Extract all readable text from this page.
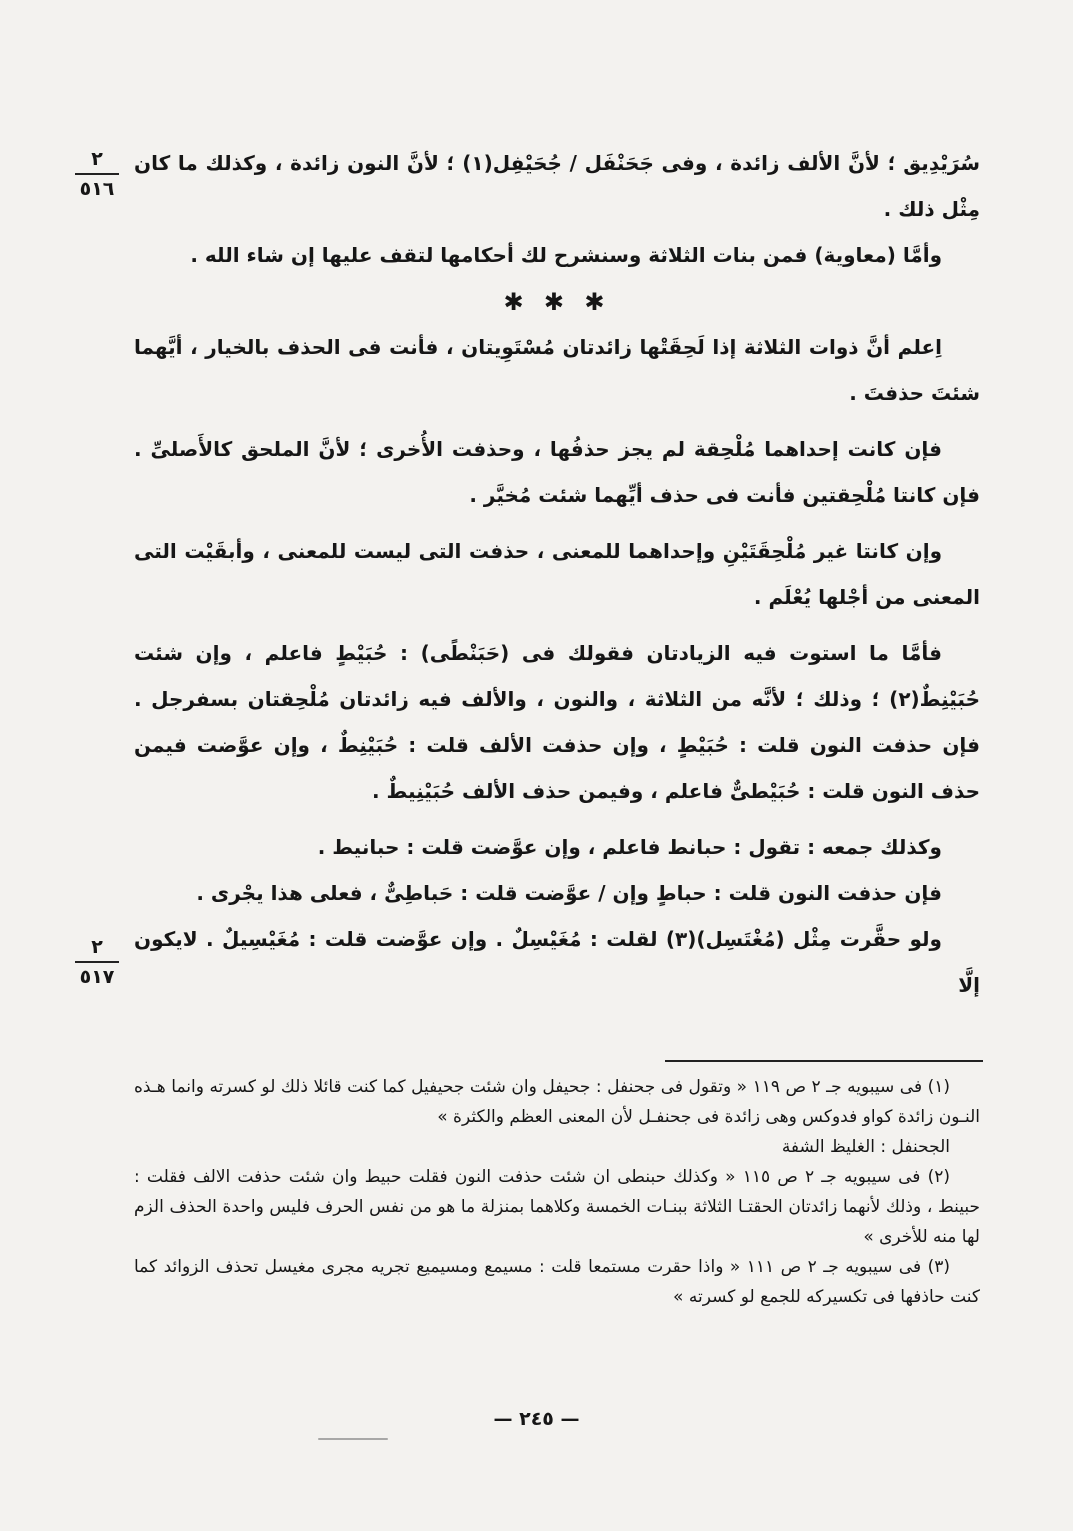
٢
٥١٦
٢
٥١٧

سُرَيْدِيق ؛ لأنَّ الألف زائدة ، وفى جَحَنْفَل / جُحَيْفِل(١) ؛ لأنَّ النون زائدة ، وكذلك ما كان

مِثْل ذلك .

وأمَّا (معاوية) فمن بنات الثلاثة وسنشرح لك أحكامها لتقف عليها إن شاء الله .

✱ ✱ ✱

اِعلم أنَّ ذوات الثلاثة إذا لَحِقَتْها زائدتان مُسْتَوِيتان ، فأنت فى الحذف بالخيار ، أيَّهما شئتَ حذفتَ .

فإن كانت إحداهما مُلْحِقة لم يجز حذفُها ، وحذفت الأُخرى ؛ لأنَّ الملحق كالأَصلىِّ . فإن كانتا مُلْحِقتين فأنت فى حذف أيِّهما شئت مُخيَّر .

وإن كانتا غير مُلْحِقَتَيْنِ وإحداهما للمعنى ، حذفت التى ليست للمعنى ، وأبقَيْت التى المعنى من أجْلها يُعْلَم .

فأمَّا ما استوت فيه الزيادتان فقولك فى (حَبَنْطًى) : حُبَيْطٍ فاعلم ، وإن شئت حُبَيْنِطٌ(٢) ؛ وذلك ؛ لأنَّه من الثلاثة ، والنون ، والألف فيه زائدتان مُلْحِقتان بسفرجل . فإن حذفت النون قلت : حُبَيْطٍ ، وإن حذفت الألف قلت : حُبَيْنِطٌ ، وإن عوَّضت فيمن حذف النون قلت : حُبَيْطىٌّ فاعلم ، وفيمن حذف الألف حُبَيْنِيطٌ .

وكذلك جمعه : تقول : حبانط فاعلم ، وإن عوَّضت قلت : حبانيط .

فإن حذفت النون قلت : حباطٍ وإن / عوَّضت قلت : حَباطِىٌّ ، فعلى هذا يجْرى .

ولو حقَّرت مِثْل (مُغْتَسِل)(٣) لقلت : مُغَيْسِلٌ . وإن عوَّضت قلت : مُغَيْسِيلٌ . لايكون إلَّا

(١) فى سيبويه جـ ٢ ص ١١٩ « وتقول فى جحنفل : جحيفل وان شئت جحيفيل كما كنت قائلا ذلك لو كسرته وانما هـذه النـون زائدة كواو فدوكس وهى زائدة فى جحنفـل لأن المعنى العظم والكثرة »

الجحنفل : الغليظ الشفة

(٢) فى سيبويه جـ ٢ ص ١١٥ « وكذلك حبنطى ان شئت حذفت النون فقلت حبيط وان شئت حذفت الالف فقلت : حبينط ، وذلك لأنهما زائدتان الحقتـا الثلاثة ببنـات الخمسة وكلاهما بمنزلة ما هو من نفس الحرف فليس واحدة الحذف الزم لها منه للأخرى »

(٣) فى سيبويه جـ ٢ ص ١١١ « واذا حقرت مستمعا قلت : مسيمع ومسيميع تجريه مجرى مغيسل تحذف الزوائد كما كنت حاذفها فى تكسيركه للجمع لو كسرته »

— ٢٤٥ —
